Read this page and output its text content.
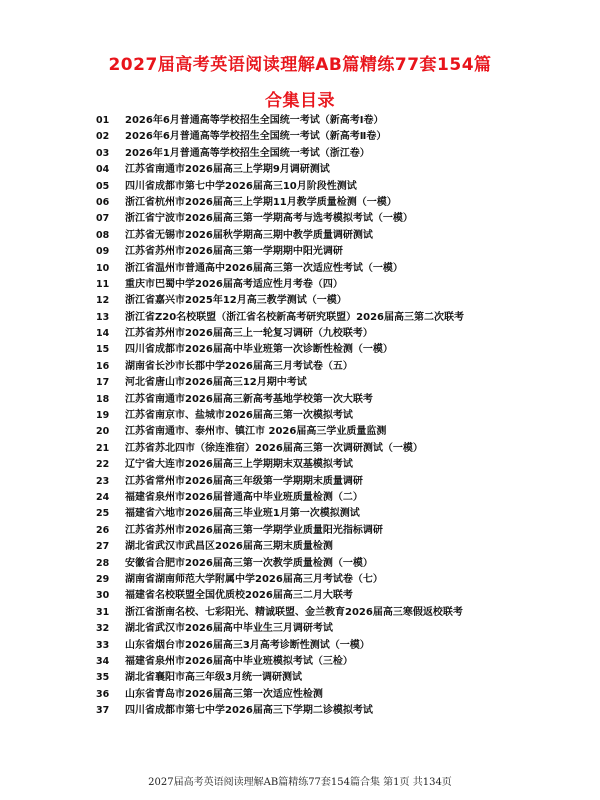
2027届高考英语阅读理解AB篇精练77套154篇
合集目录
01	2026年6月普通高等学校招生全国统一考试（新高考Ⅰ卷）
02	2026年6月普通高等学校招生全国统一考试（新高考Ⅱ卷）
03	2026年1月普通高等学校招生全国统一考试（浙江卷）
04	江苏省南通市2026届高三上学期9月调研测试
05	四川省成都市第七中学2026届高三10月阶段性测试
06	浙江省杭州市2026届高三上学期11月教学质量检测（一模）
07	浙江省宁波市2026届高三第一学期高考与选考模拟考试（一模）
08	江苏省无锡市2026届秋学期高三期中教学质量调研测试
09	江苏省苏州市2026届高三第一学期期中阳光调研
10	浙江省温州市普通高中2026届高三第一次适应性考试（一模）
11	重庆市巴蜀中学2026届高考适应性月考卷（四）
12	浙江省嘉兴市2025年12月高三教学测试（一模）
13	浙江省Z20名校联盟（浙江省名校新高考研究联盟）2026届高三第二次联考
14	江苏省苏州市2026届高三上一轮复习调研（九校联考）
15	四川省成都市2026届高中毕业班第一次诊断性检测（一模）
16	湖南省长沙市长郡中学2026届高三月考试卷（五）
17	河北省唐山市2026届高三12月期中考试
18	江苏省南通市2026届高三新高考基地学校第一次大联考
19	江苏省南京市、盐城市2026届高三第一次模拟考试
20	江苏省南通市、泰州市、镇江市 2026届高三学业质量监测
21	江苏省苏北四市（徐连淮宿）2026届高三第一次调研测试（一模）
22	辽宁省大连市2026届高三上学期期末双基模拟考试
23	江苏省常州市2026届高三年级第一学期期末质量调研
24	福建省泉州市2026届普通高中毕业班质量检测（二）
25	福建省六地市2026届高三毕业班1月第一次模拟测试
26	江苏省苏州市2026届高三第一学期学业质量阳光指标调研
27	湖北省武汉市武昌区2026届高三期末质量检测
28	安徽省合肥市2026届高三第一次教学质量检测（一模）
29	湖南省湖南师范大学附属中学2026届高三月考试卷（七）
30	福建省名校联盟全国优质校2026届高三二月大联考
31	浙江省浙南名校、七彩阳光、精诚联盟、金兰教育2026届高三寒假返校联考
32	湖北省武汉市2026届高中毕业生三月调研考试
33	山东省烟台市2026届高三3月高考诊断性测试（一模）
34	福建省泉州市2026届高中毕业班模拟考试（三检）
35	湖北省襄阳市高三年级3月统一调研测试
36	山东省青岛市2026届高三第一次适应性检测
37	四川省成都市第七中学2026届高三下学期二诊模拟考试
2027届高考英语阅读理解AB篇精练77套154篇合集 第1页 共134页
